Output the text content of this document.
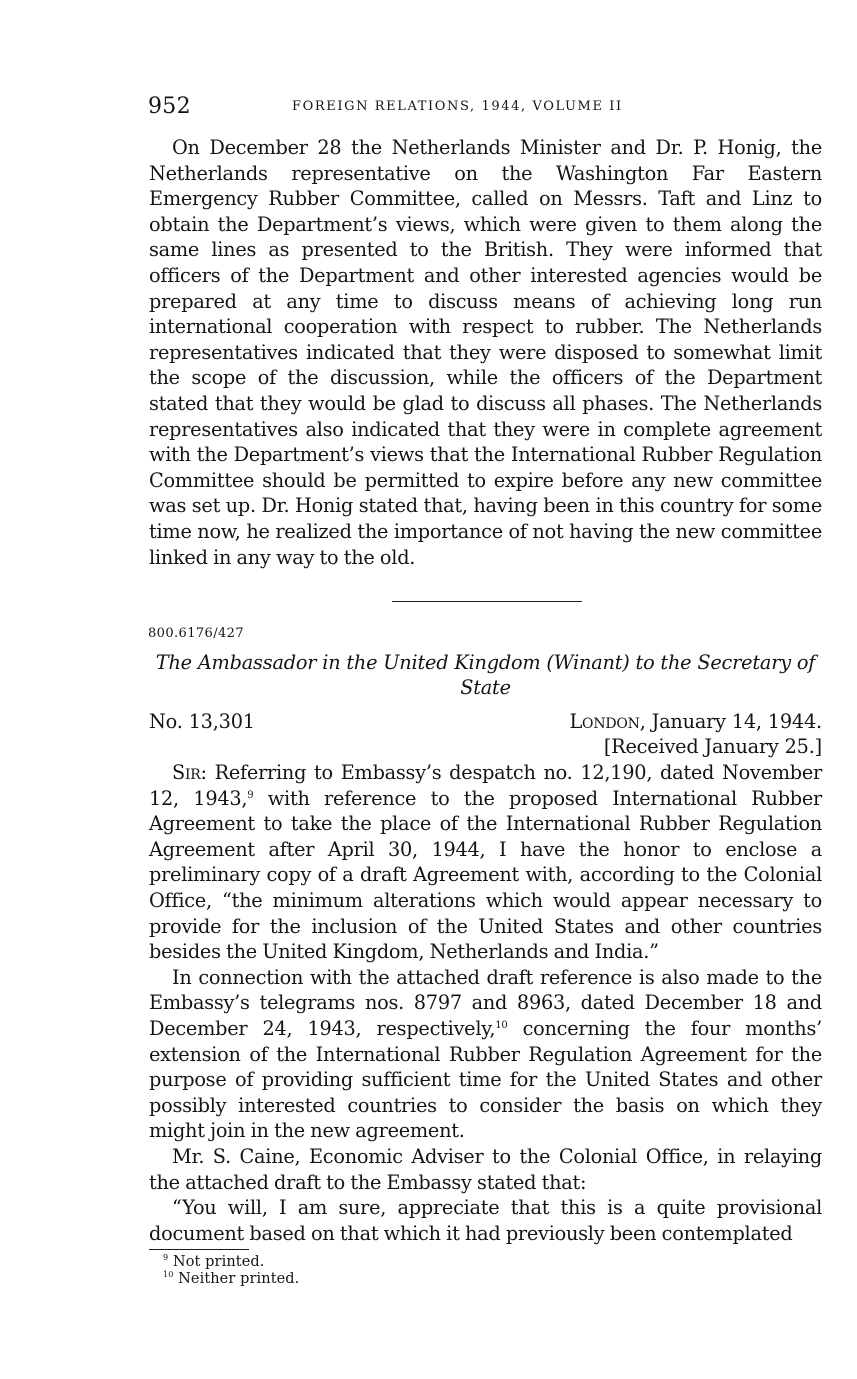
952	FOREIGN RELATIONS, 1944, VOLUME II

On December 28 the Netherlands Minister and Dr. P. Honig, the Netherlands representative on the Washington Far Eastern Emergency Rubber Committee, called on Messrs. Taft and Linz to obtain the Department’s views, which were given to them along the same lines as presented to the British. They were informed that officers of the Department and other interested agencies would be prepared at any time to discuss means of achieving long run international cooperation with respect to rubber. The Netherlands representatives indicated that they were disposed to somewhat limit the scope of the discussion, while the officers of the Department stated that they would be glad to discuss all phases. The Netherlands representatives also indicated that they were in complete agreement with the Department’s views that the International Rubber Regulation Committee should be permitted to expire before any new committee was set up. Dr. Honig stated that, having been in this country for some time now, he realized the importance of not having the new committee linked in any way to the old.

800.6176/427
The Ambassador in the United Kingdom (Winant) to the Secretary of State
No. 13,301	London, January 14, 1944.
[Received January 25.]

Sir: Referring to Embassy’s despatch no. 12,190, dated November 12, 1943,$^9$ with reference to the proposed International Rubber Agreement to take the place of the International Rubber Regulation Agreement after April 30, 1944, I have the honor to enclose a preliminary copy of a draft Agreement with, according to the Colonial Office, “the minimum alterations which would appear necessary to provide for the inclusion of the United States and other countries besides the United Kingdom, Netherlands and India.”

In connection with the attached draft reference is also made to the Embassy’s telegrams nos. 8797 and 8963, dated December 18 and December 24, 1943, respectively,$^{10}$ concerning the four months’ extension of the International Rubber Regulation Agreement for the purpose of providing sufficient time for the United States and other possibly interested countries to consider the basis on which they might join in the new agreement.

Mr. S. Caine, Economic Adviser to the Colonial Office, in relaying the attached draft to the Embassy stated that:

“You will, I am sure, appreciate that this is a quite provisional document based on that which it had previously been contemplated

$^9$ Not printed.

$^{10}$ Neither printed.
